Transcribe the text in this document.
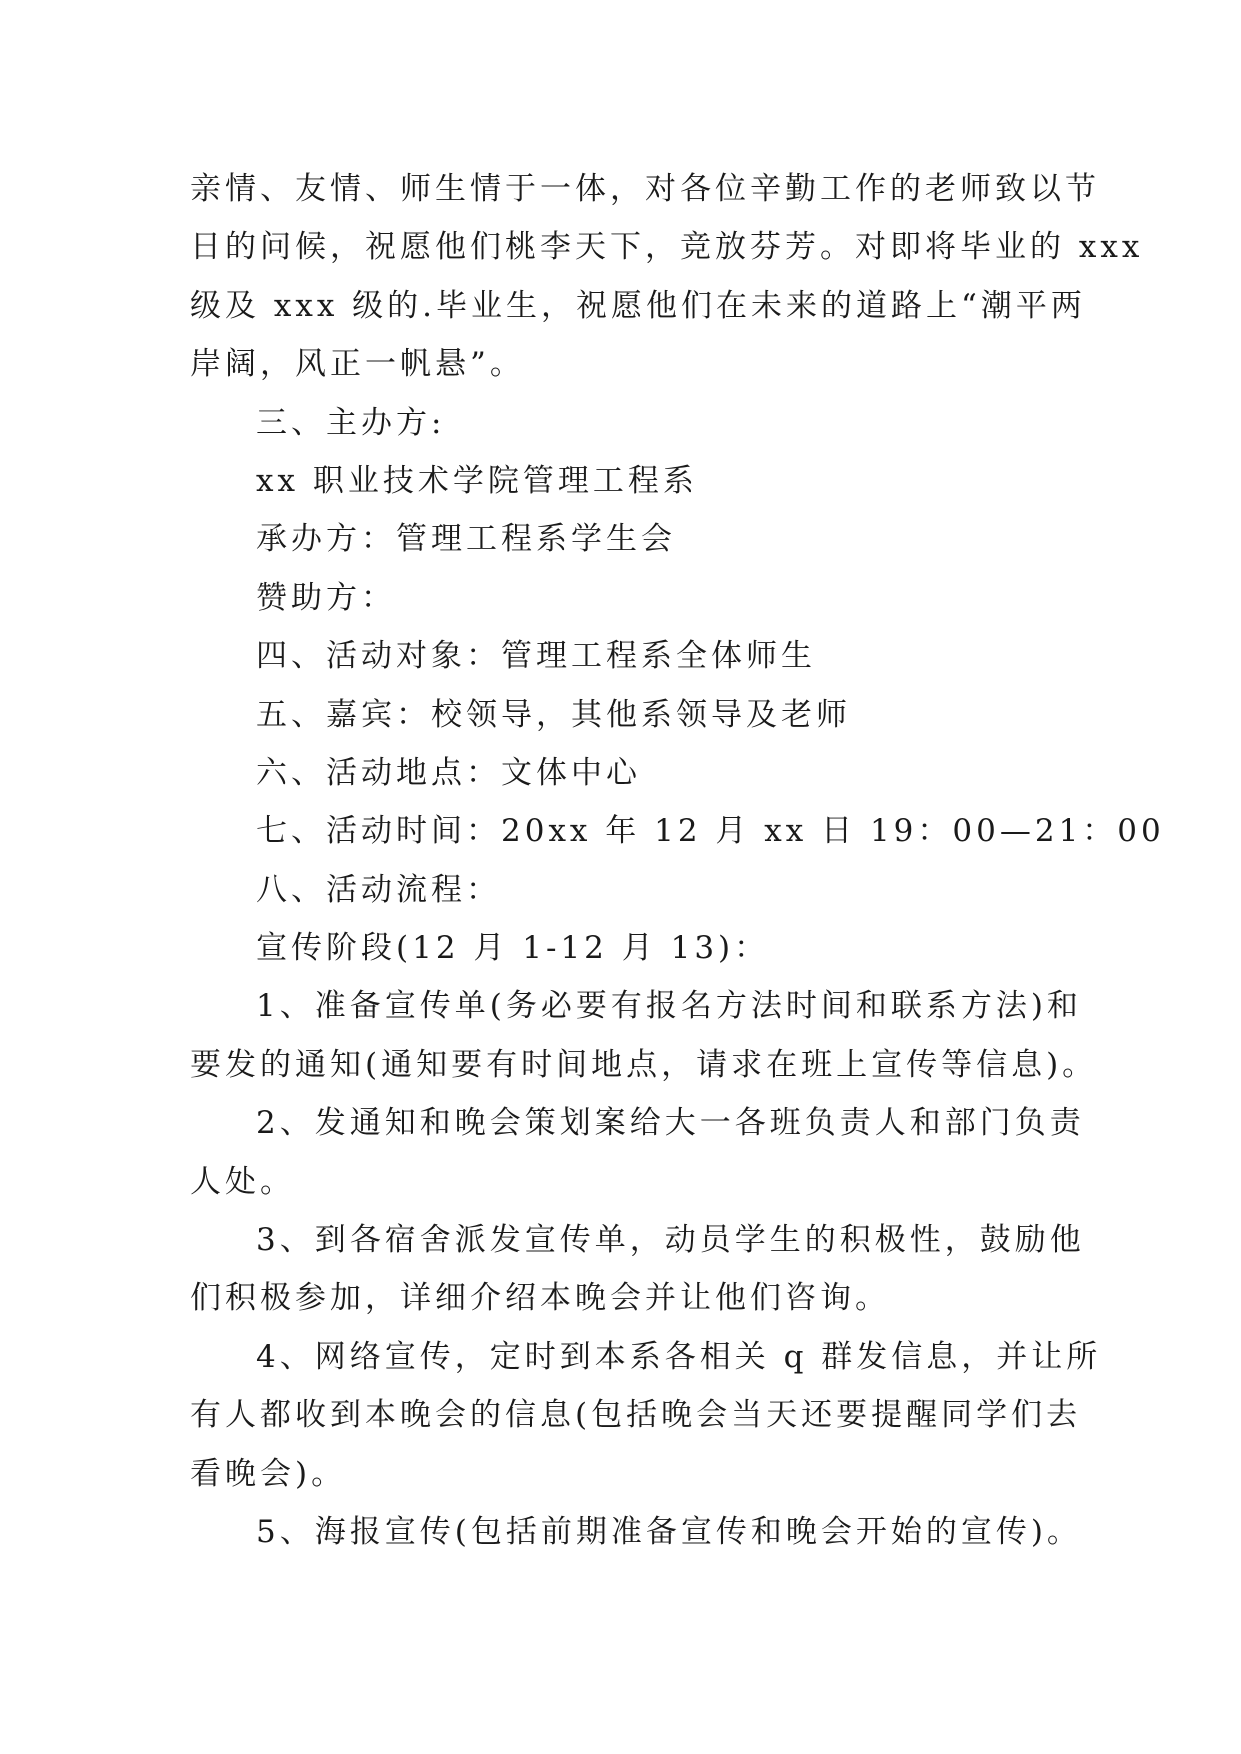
亲情、友情、师生情于一体，对各位辛勤工作的老师致以节
日的问候，祝愿他们桃李天下，竞放芬芳。对即将毕业的 xxx
级及 xxx 级的.毕业生，祝愿他们在未来的道路上“潮平两
岸阔，风正一帆悬”。
三、主办方:
xx 职业技术学院管理工程系
承办方：管理工程系学生会
赞助方：
四、活动对象：管理工程系全体师生
五、嘉宾：校领导，其他系领导及老师
六、活动地点：文体中心
七、活动时间：20xx 年 12 月 xx 日 19：00—21：00
八、活动流程：
宣传阶段(12 月 1-12 月 13)：
1、准备宣传单(务必要有报名方法时间和联系方法)和
要发的通知(通知要有时间地点，请求在班上宣传等信息)。
2、发通知和晚会策划案给大一各班负责人和部门负责
人处。
3、到各宿舍派发宣传单，动员学生的积极性，鼓励他
们积极参加，详细介绍本晚会并让他们咨询。
4、网络宣传，定时到本系各相关 q 群发信息，并让所
有人都收到本晚会的信息(包括晚会当天还要提醒同学们去
看晚会)。
5、海报宣传(包括前期准备宣传和晚会开始的宣传)。
